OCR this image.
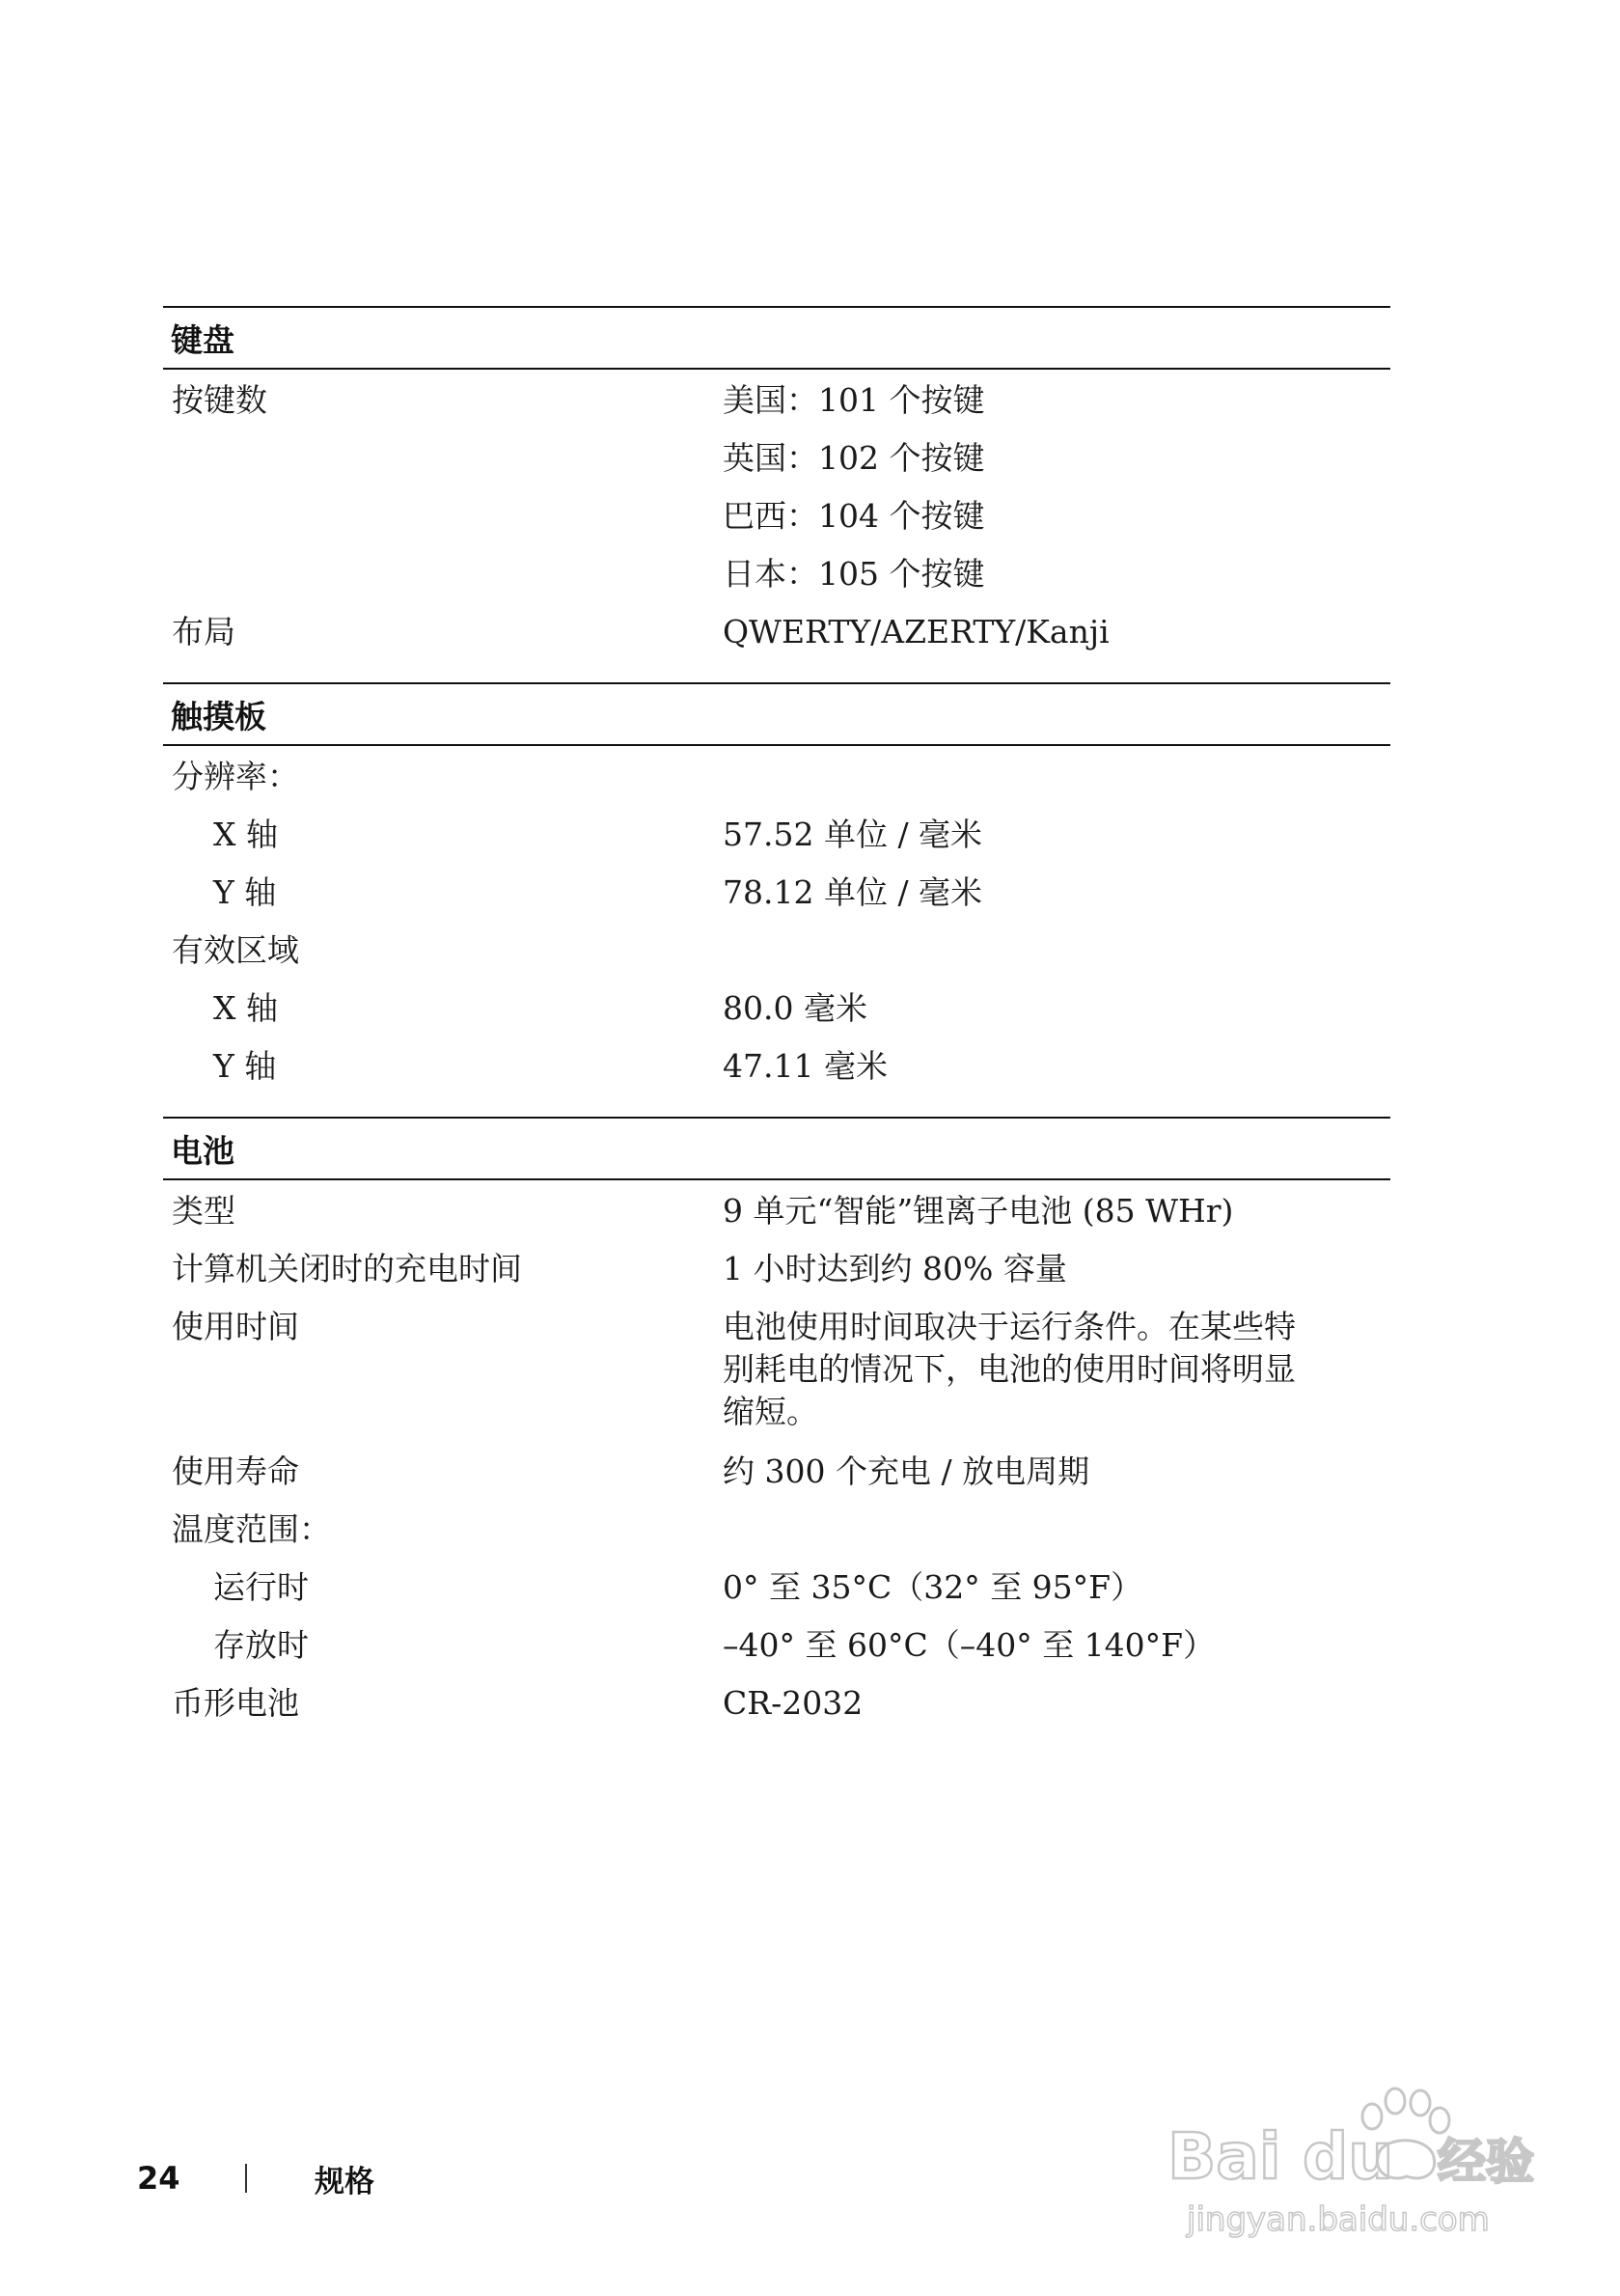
键盘
按键数	美国：101 个按键
英国：102 个按键
巴西：104 个按键
日本：105 个按键
布局	QWERTY/AZERTY/Kanji
触摸板
分辨率：
X 轴	57.52 单位 / 毫米
Y 轴	78.12 单位 / 毫米
有效区域
X 轴	80.0 毫米
Y 轴	47.11 毫米
电池
类型	9 单元“智能”锂离子电池 (85 WHr)
计算机关闭时的充电时间	1 小时达到约 80% 容量
使用时间	电池使用时间取决于运行条件。在某些特
别耗电的情况下，电池的使用时间将明显
缩短。
使用寿命	约 300 个充电 / 放电周期
温度范围：
运行时	0° 至 35°C（32° 至 95°F）
存放时	–40° 至 60°C（–40° 至 140°F）
币形电池	CR-2032
24	规格	Bai du 经验
jingyan.baidu.com
